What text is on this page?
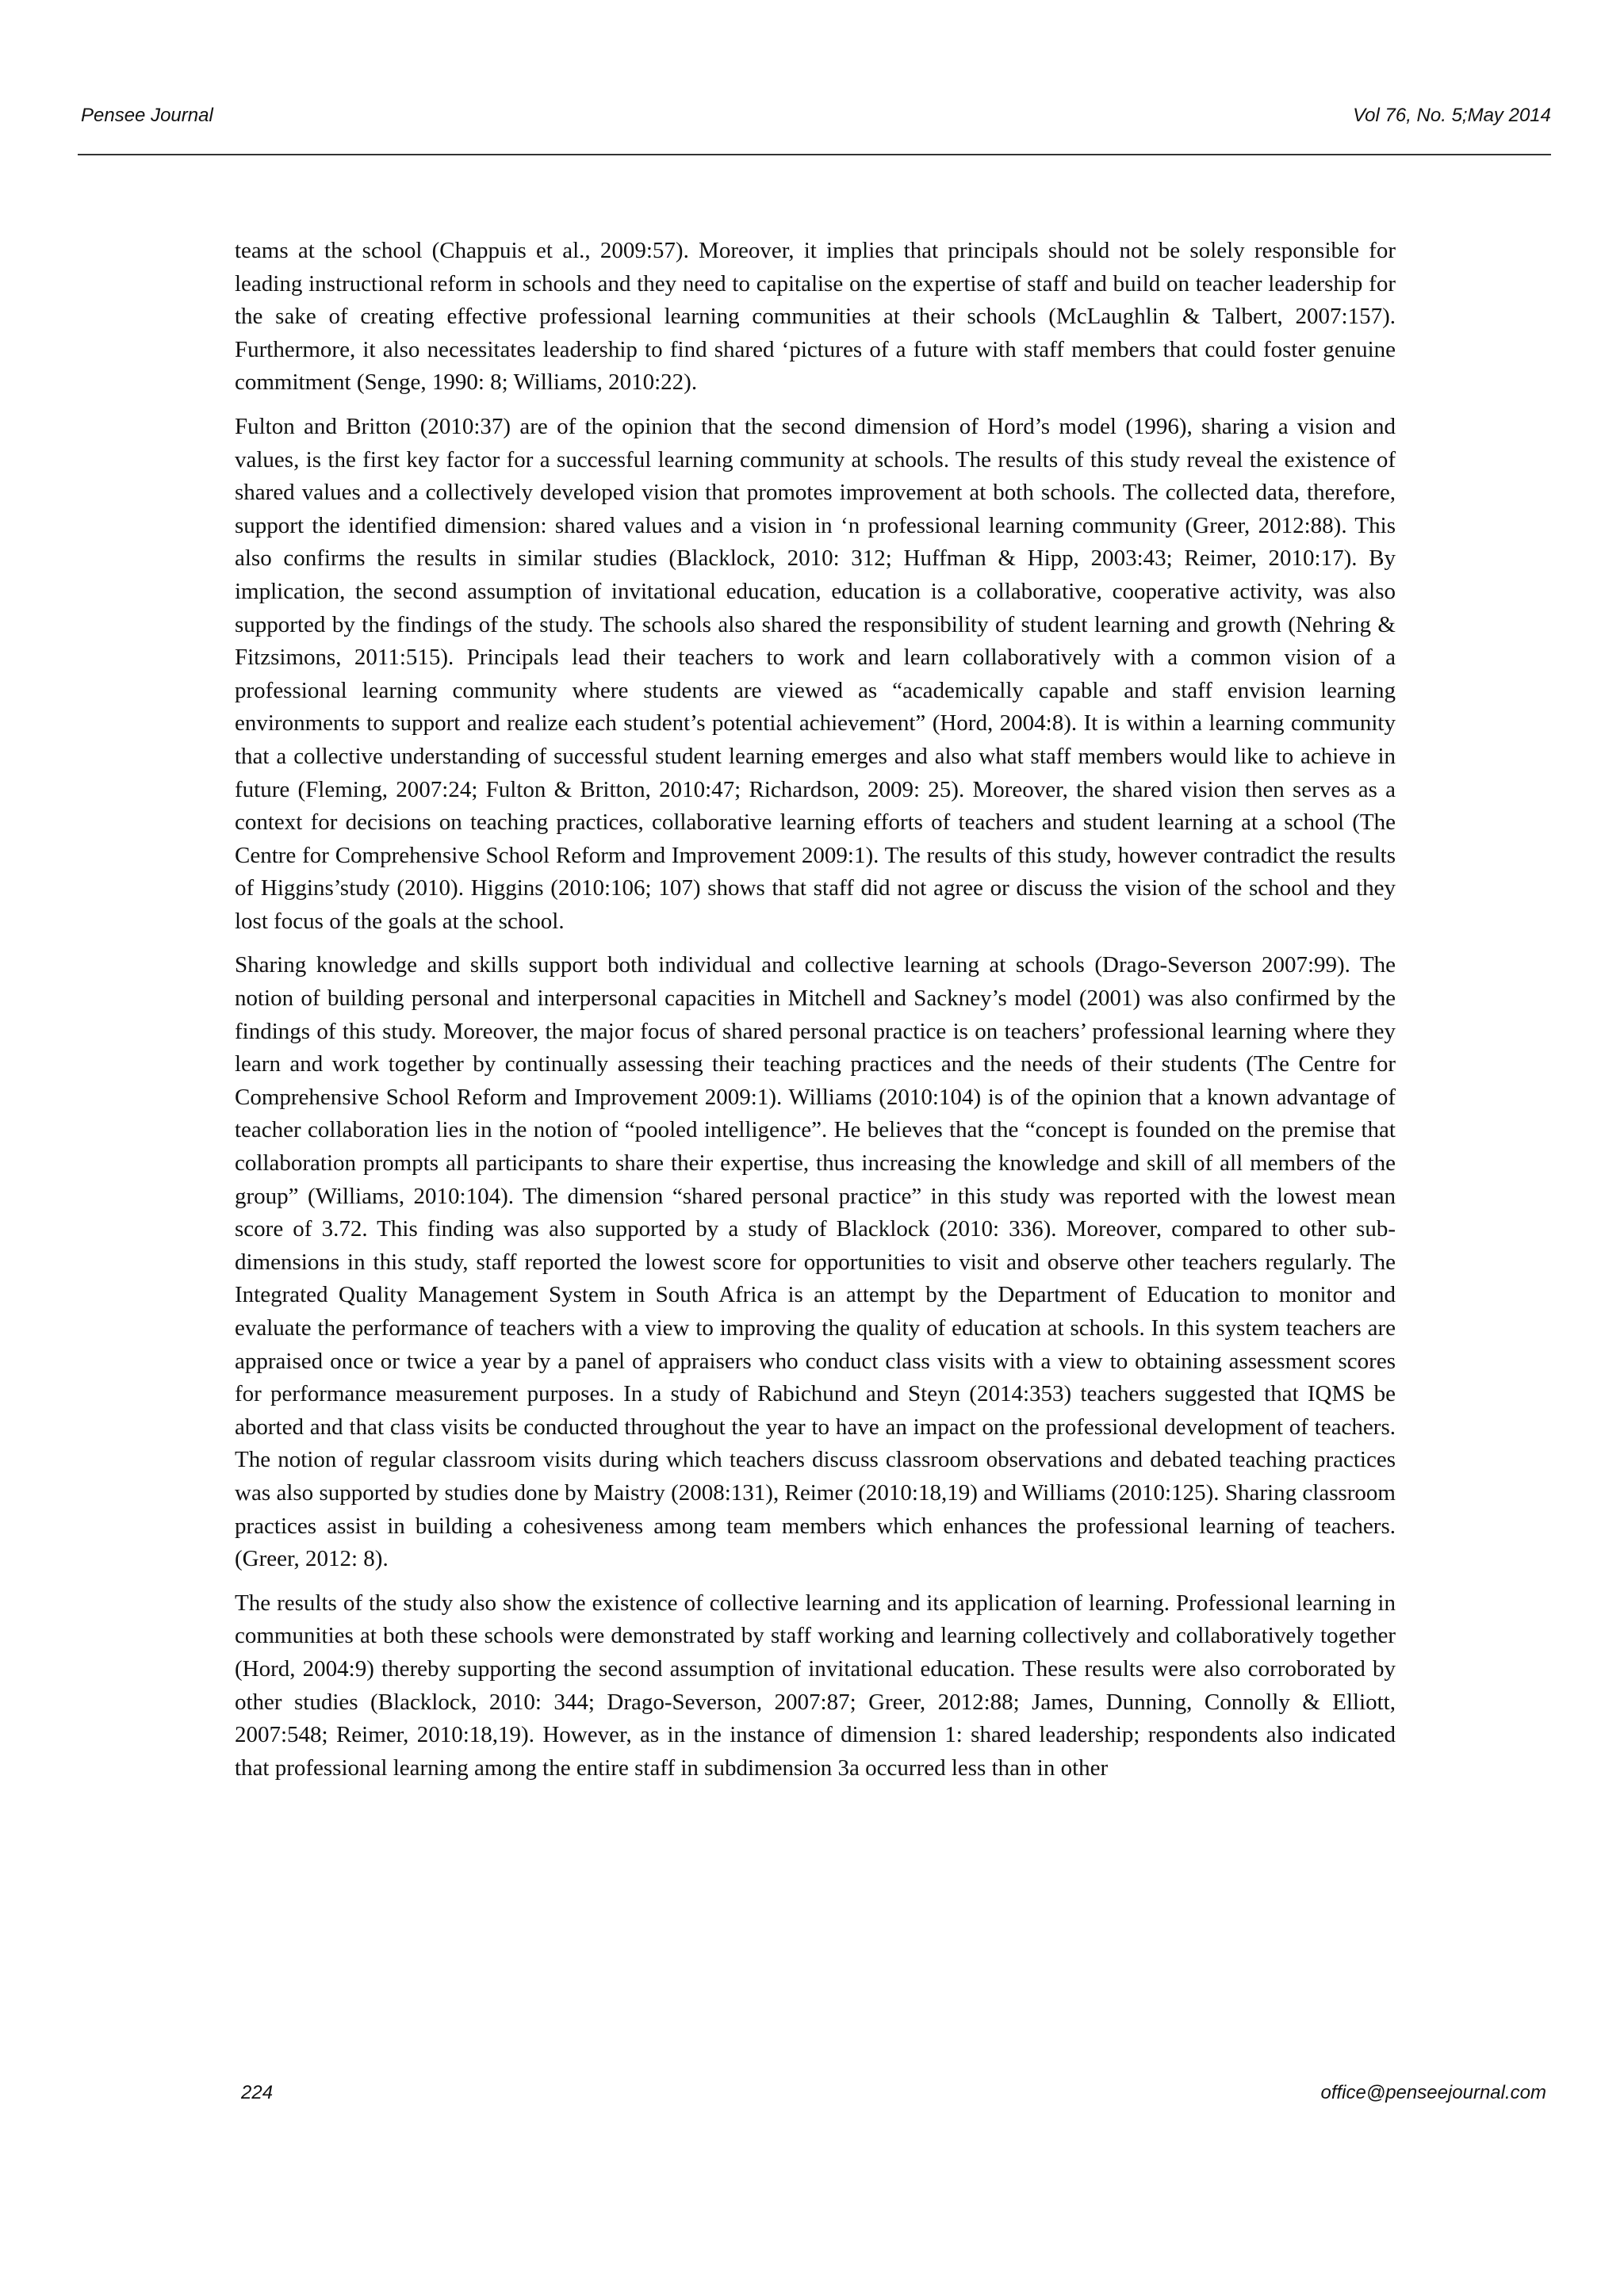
Pensee Journal	Vol 76, No. 5;May 2014

teams at the school (Chappuis et al., 2009:57). Moreover, it implies that principals should not be solely responsible for leading instructional reform in schools and they need to capitalise on the expertise of staff and build on teacher leadership for the sake of creating effective professional learning communities at their schools (McLaughlin & Talbert, 2007:157). Furthermore, it also necessitates leadership to find shared ‘pictures of a future with staff members that could foster genuine commitment (Senge, 1990: 8; Williams, 2010:22).

Fulton and Britton (2010:37) are of the opinion that the second dimension of Hord’s model (1996), sharing a vision and values, is the first key factor for a successful learning community at schools. The results of this study reveal the existence of shared values and a collectively developed vision that promotes improvement at both schools. The collected data, therefore, support the identified dimension: shared values and a vision in ‘n professional learning community (Greer, 2012:88). This also confirms the results in similar studies (Blacklock, 2010: 312; Huffman & Hipp, 2003:43; Reimer, 2010:17). By implication, the second assumption of invitational education, education is a collaborative, cooperative activity, was also supported by the findings of the study. The schools also shared the responsibility of student learning and growth (Nehring & Fitzsimons, 2011:515). Principals lead their teachers to work and learn collaboratively with a common vision of a professional learning community where students are viewed as “academically capable and staff envision learning environments to support and realize each student’s potential achievement” (Hord, 2004:8). It is within a learning community that a collective understanding of successful student learning emerges and also what staff members would like to achieve in future (Fleming, 2007:24; Fulton & Britton, 2010:47; Richardson, 2009: 25). Moreover, the shared vision then serves as a context for decisions on teaching practices, collaborative learning efforts of teachers and student learning at a school (The Centre for Comprehensive School Reform and Improvement 2009:1). The results of this study, however contradict the results of Higgins’study (2010). Higgins (2010:106; 107) shows that staff did not agree or discuss the vision of the school and they lost focus of the goals at the school.

Sharing knowledge and skills support both individual and collective learning at schools (Drago-Severson 2007:99). The notion of building personal and interpersonal capacities in Mitchell and Sackney’s model (2001) was also confirmed by the findings of this study. Moreover, the major focus of shared personal practice is on teachers’ professional learning where they learn and work together by continually assessing their teaching practices and the needs of their students (The Centre for Comprehensive School Reform and Improvement 2009:1). Williams (2010:104) is of the opinion that a known advantage of teacher collaboration lies in the notion of “pooled intelligence”. He believes that the “concept is founded on the premise that collaboration prompts all participants to share their expertise, thus increasing the knowledge and skill of all members of the group” (Williams, 2010:104). The dimension “shared personal practice” in this study was reported with the lowest mean score of 3.72. This finding was also supported by a study of Blacklock (2010: 336). Moreover, compared to other sub-dimensions in this study, staff reported the lowest score for opportunities to visit and observe other teachers regularly. The Integrated Quality Management System in South Africa is an attempt by the Department of Education to monitor and evaluate the performance of teachers with a view to improving the quality of education at schools. In this system teachers are appraised once or twice a year by a panel of appraisers who conduct class visits with a view to obtaining assessment scores for performance measurement purposes. In a study of Rabichund and Steyn (2014:353) teachers suggested that IQMS be aborted and that class visits be conducted throughout the year to have an impact on the professional development of teachers. The notion of regular classroom visits during which teachers discuss classroom observations and debated teaching practices was also supported by studies done by Maistry (2008:131), Reimer (2010:18,19) and Williams (2010:125). Sharing classroom practices assist in building a cohesiveness among team members which enhances the professional learning of teachers. (Greer, 2012: 8).

The results of the study also show the existence of collective learning and its application of learning. Professional learning in communities at both these schools were demonstrated by staff working and learning collectively and collaboratively together (Hord, 2004:9) thereby supporting the second assumption of invitational education. These results were also corroborated by other studies (Blacklock, 2010: 344; Drago-Severson, 2007:87; Greer, 2012:88; James, Dunning, Connolly & Elliott, 2007:548; Reimer, 2010:18,19). However, as in the instance of dimension 1: shared leadership; respondents also indicated that professional learning among the entire staff in subdimension 3a occurred less than in other

224	office@penseejournal.com
